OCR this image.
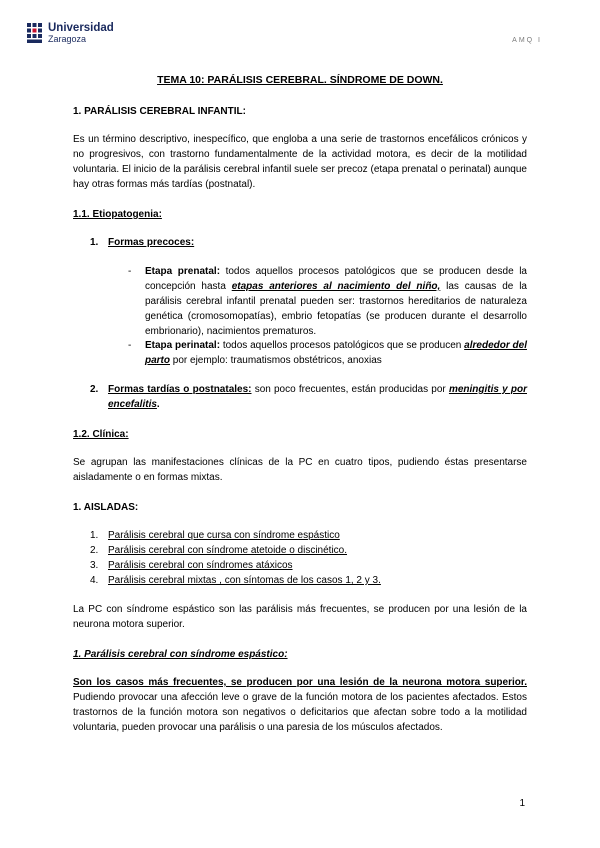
Universidad
Zaragoza	AMQ I
TEMA 10: PARÁLISIS CEREBRAL. SÍNDROME DE DOWN.
1. PARÁLISIS CEREBRAL INFANTIL:
Es un término descriptivo, inespecífico, que engloba a una serie de trastornos encefálicos crónicos y no progresivos, con trastorno fundamentalmente de la actividad motora, es decir de la motilidad voluntaria. El inicio de la parálisis cerebral infantil suele ser precoz (etapa prenatal o perinatal) aunque hay otras formas más tardías (postnatal).
1.1. Etiopatogenia:
1. Formas precoces:
- Etapa prenatal: todos aquellos procesos patológicos que se producen desde la concepción hasta etapas anteriores al nacimiento del niño, las causas de la parálisis cerebral infantil prenatal pueden ser: trastornos hereditarios de naturaleza genética (cromosomopatías), embrio fetopatías (se producen durante el desarrollo embrionario), nacimientos prematuros.
- Etapa perinatal: todos aquellos procesos patológicos que se producen alrededor del parto por ejemplo: traumatismos obstétricos, anoxias
2. Formas tardías o postnatales: son poco frecuentes, están producidas por meningitis y por encefalitis.
1.2. Clínica:
Se agrupan las manifestaciones clínicas de la PC en cuatro tipos, pudiendo éstas presentarse aisladamente o en formas mixtas.
1. AISLADAS:
1. Parálisis cerebral que cursa con síndrome espástico
2. Parálisis cerebral con síndrome atetoide o discinético.
3. Parálisis cerebral con síndromes atáxicos
4. Parálisis cerebral mixtas , con síntomas de los casos 1, 2 y 3.
La PC con síndrome espástico son las parálisis más frecuentes, se producen por una lesión de la neurona motora superior.
1. Parálisis cerebral con síndrome espástico:
Son los casos más frecuentes, se producen por una lesión de la neurona motora superior. Pudiendo provocar una afección leve o grave de la función motora de los pacientes afectados. Estos trastornos de la función motora son negativos o deficitarios que afectan sobre todo a la motilidad voluntaria, pueden provocar una parálisis o una paresia de los músculos afectados.
1
